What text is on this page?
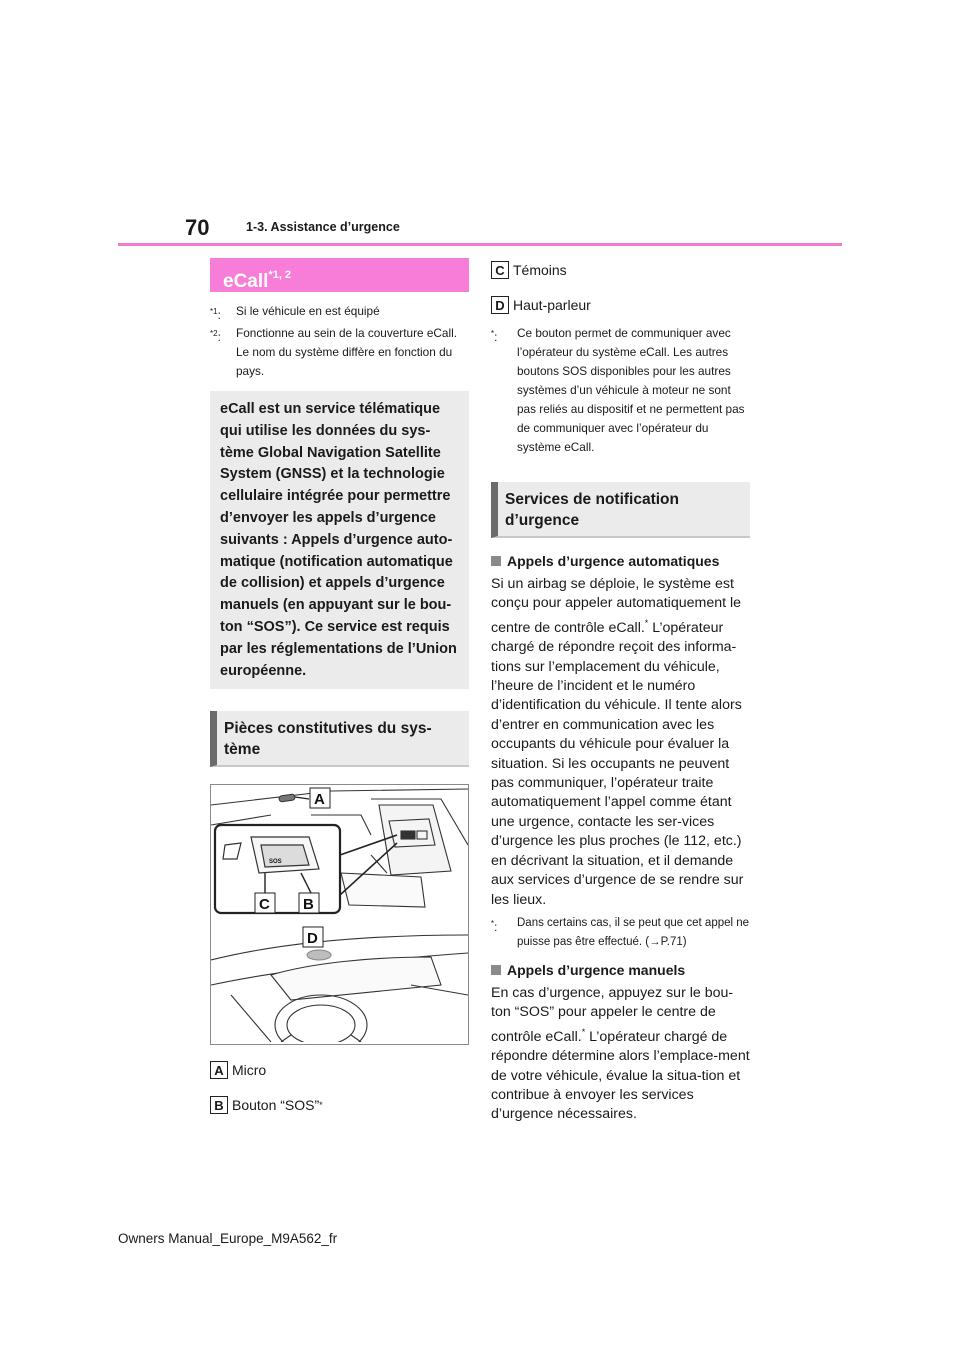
70	1-3. Assistance d’urgence
eCall$^{*1, 2}$

$^{*1}$: Si le véhicule en est équipé

$^{*2}$: Fonctionne au sein de la couverture eCall. Le nom du système diffère en fonction du pays.

eCall est un service télématique qui utilise les données du sys-tème Global Navigation Satellite System (GNSS) et la technologie cellulaire intégrée pour permettre d’envoyer les appels d’urgence suivants : Appels d’urgence auto-matique (notification automatique de collision) et appels d’urgence manuels (en appuyant sur le bou-ton “SOS”). Ce service est requis par les réglementations de l’Union européenne.
Pièces constitutives du sys-tème
SOS
A
C B
D
A Micro
B Bouton “SOS” *
C Témoins
D Haut-parleur

*: Ce bouton permet de communiquer avec l’opérateur du système eCall. Les autres boutons SOS disponibles pour les autres systèmes d’un véhicule à moteur ne sont pas reliés au dispositif et ne permettent pas de communiquer avec l’opérateur du système eCall.

Services de notification d’urgence
Appels d’urgence automatiques

Si un airbag se déploie, le système est conçu pour appeler automatiquement le centre de contrôle eCall.* L’opérateur chargé de répondre reçoit des informa-tions sur l’emplacement du véhicule, l’heure de l’incident et le numéro d’identification du véhicule. Il tente alors d’entrer en communication avec les occupants du véhicule pour évaluer la situation. Si les occupants ne peuvent pas communiquer, l’opérateur traite automatiquement l’appel comme étant une urgence, contacte les ser-vices d’urgence les plus proches (le 112, etc.) en décrivant la situation, et il demande aux services d’urgence de se rendre sur les lieux.

*: Dans certains cas, il se peut que cet appel ne puisse pas être effectué. (→P.71)

Appels d’urgence manuels

En cas d’urgence, appuyez sur le bou-ton “SOS” pour appeler le centre de contrôle eCall.* L’opérateur chargé de répondre détermine alors l’emplace-ment de votre véhicule, évalue la situa-tion et contribue à envoyer les services d’urgence nécessaires.

Owners Manual_Europe_M9A562_fr
